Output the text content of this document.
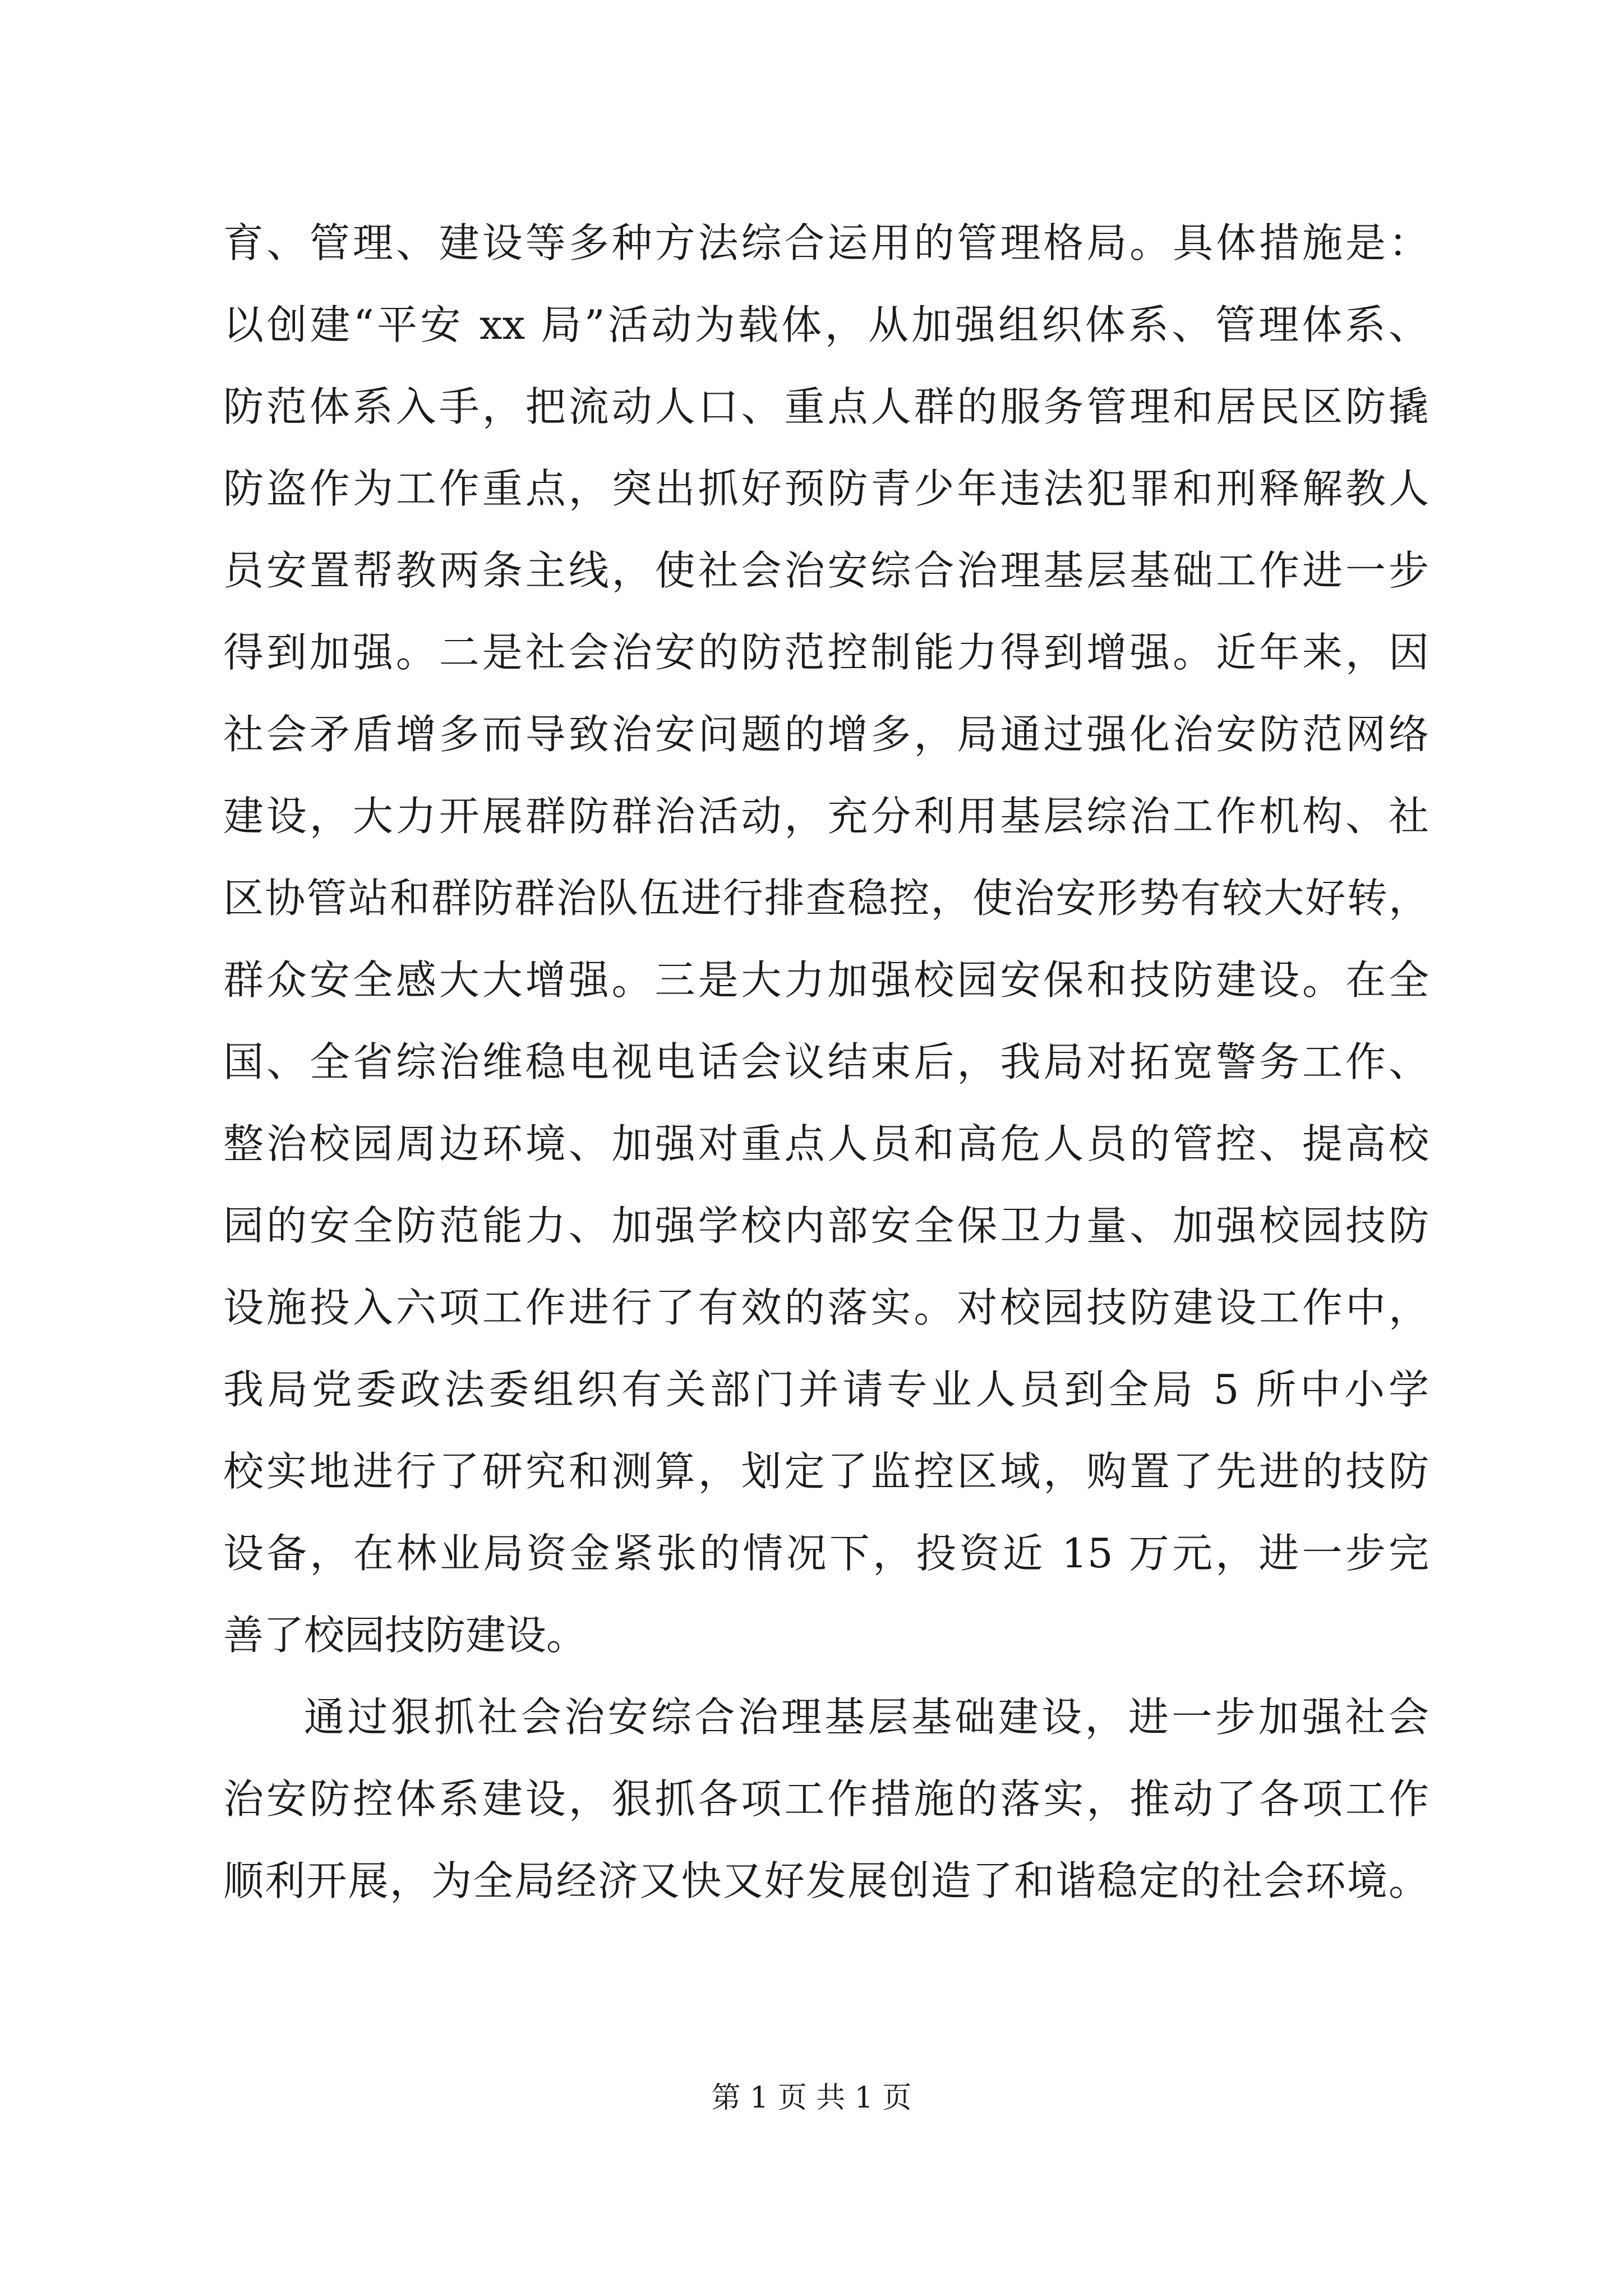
育、管理、建设等多种方法综合运用的管理格局。具体措施是：
以创建“平安 xx 局”活动为载体，从加强组织体系、管理体系、
防范体系入手，把流动人口、重点人群的服务管理和居民区防撬
防盗作为工作重点，突出抓好预防青少年违法犯罪和刑释解教人
员安置帮教两条主线，使社会治安综合治理基层基础工作进一步
得到加强。二是社会治安的防范控制能力得到增强。近年来，因
社会矛盾增多而导致治安问题的增多，局通过强化治安防范网络
建设，大力开展群防群治活动，充分利用基层综治工作机构、社
区协管站和群防群治队伍进行排查稳控，使治安形势有较大好转，
群众安全感大大增强。三是大力加强校园安保和技防建设。在全
国、全省综治维稳电视电话会议结束后，我局对拓宽警务工作、
整治校园周边环境、加强对重点人员和高危人员的管控、提高校
园的安全防范能力、加强学校内部安全保卫力量、加强校园技防
设施投入六项工作进行了有效的落实。对校园技防建设工作中，
我局党委政法委组织有关部门并请专业人员到全局 5 所中小学
校实地进行了研究和测算，划定了监控区域，购置了先进的技防
设备，在林业局资金紧张的情况下，投资近 15 万元，进一步完
善了校园技防建设。
通过狠抓社会治安综合治理基层基础建设，进一步加强社会
治安防控体系建设，狠抓各项工作措施的落实，推动了各项工作
顺利开展，为全局经济又快又好发展创造了和谐稳定的社会环境。
第 1 页 共 1 页
